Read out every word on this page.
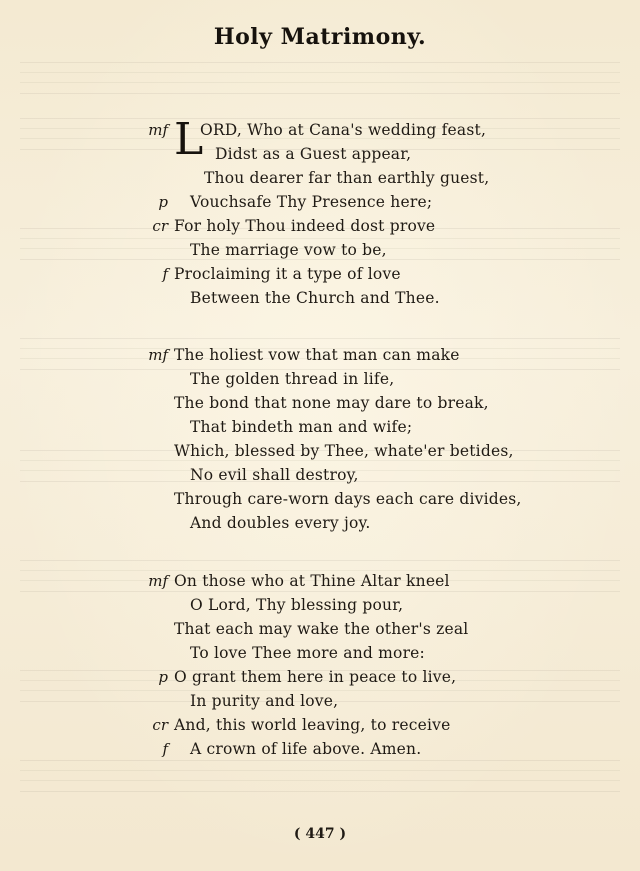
Holy Matrimony.
L
mf ORD, Who at Cana's wedding feast,
Didst as a Guest appear,
Thou dearer far than earthly guest,
p Vouchsafe Thy Presence here;
cr For holy Thou indeed dost prove
The marriage vow to be,
f Proclaiming it a type of love
Between the Church and Thee.
mf The holiest vow that man can make
The golden thread in life,
The bond that none may dare to break,
That bindeth man and wife;
Which, blessed by Thee, whate'er betides,
No evil shall destroy,
Through care-worn days each care divides,
And doubles every joy.
mf On those who at Thine Altar kneel
O Lord, Thy blessing pour,
That each may wake the other's zeal
To love Thee more and more:
p O grant them here in peace to live,
In purity and love,
cr And, this world leaving, to receive
f A crown of life above. Amen.
( 447 )
